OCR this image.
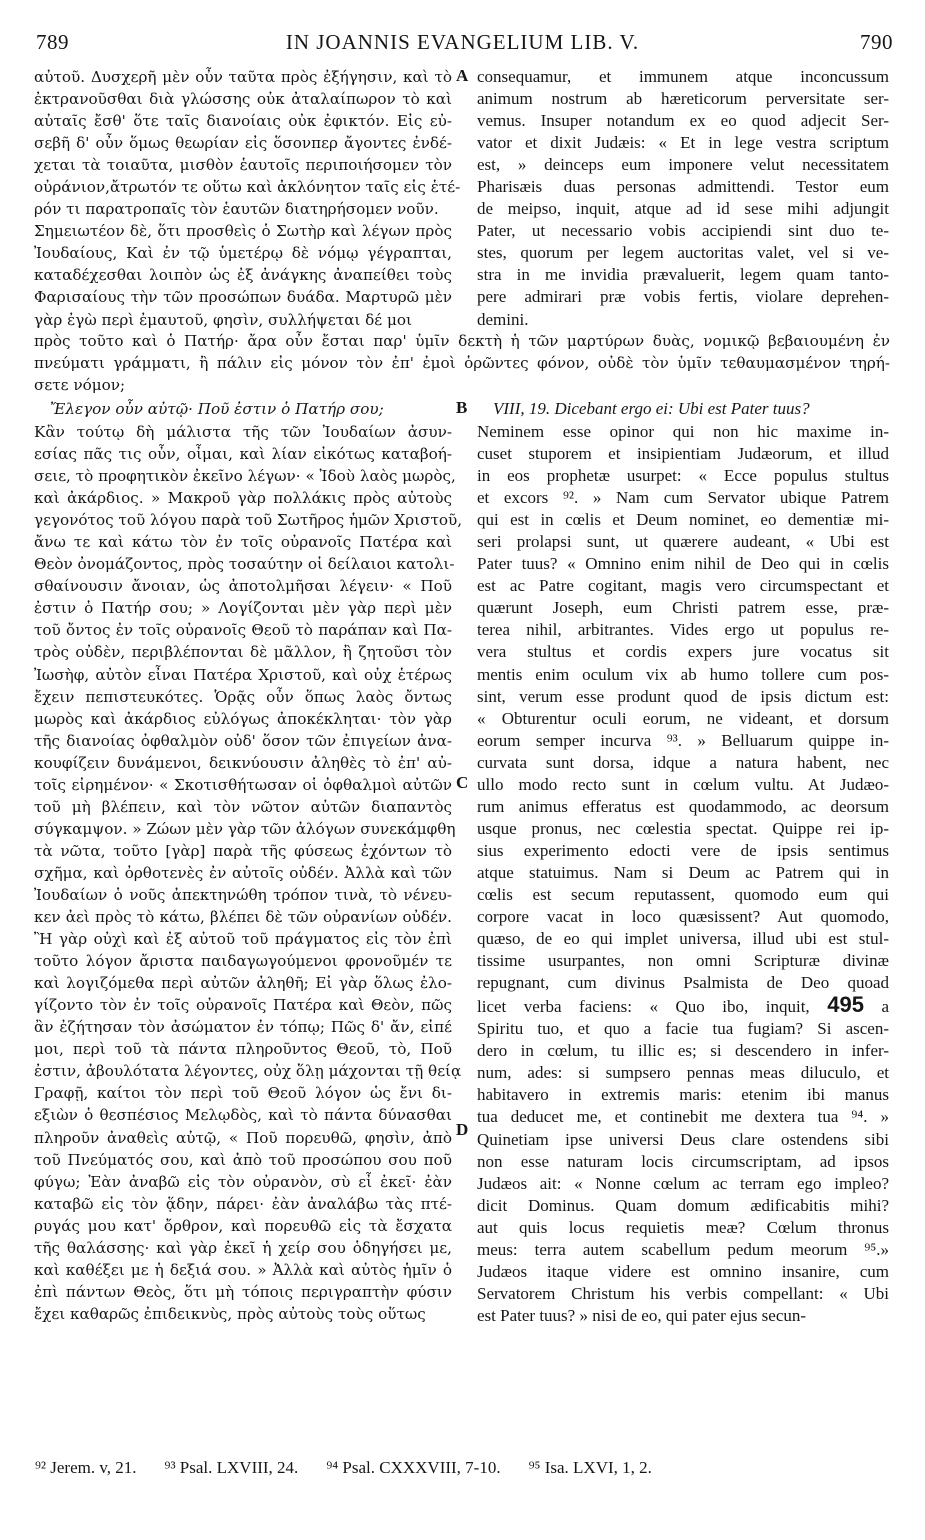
789	IN JOANNIS EVANGELIUM LIB. V.	790
αὐτοῦ. Δυσχερῆ μὲν οὖν ταῦτα πρὸς ἐξήγησιν, καὶ τὸ
ἐκτρανοῦσθαι διὰ γλώσσης οὐκ ἀταλαίπωρον τὸ καὶ
αὐταῖς ἔσθ' ὅτε ταῖς διανοίαις οὐκ ἐφικτόν. Εἰς εὐ-
σεβῆ δ' οὖν ὅμως θεωρίαν εἰς ὅσονπερ ἄγοντες ἐνδέ-
χεται τὰ τοιαῦτα, μισθὸν ἑαυτοῖς περιποιήσομεν τὸν
οὐράνιον,ἄτρωτόν τε οὕτω καὶ ἀκλόνητον ταῖς εἰς ἑτέ-
ρόν τι παρατροπαῖς τὸν ἑαυτῶν διατηρήσομεν νοῦν.
Σημειωτέον δὲ, ὅτι προσθεὶς ὁ Σωτὴρ καὶ λέγων πρὸς
Ἰουδαίους, Καὶ ἐν τῷ ὑμετέρῳ δὲ νόμῳ γέγραπται,
καταδέχεσθαι λοιπὸν ὡς ἐξ ἀνάγκης ἀναπείθει τοὺς
Φαρισαίους τὴν τῶν προσώπων δυάδα. Μαρτυρῶ μὲν
γὰρ ἐγὼ περὶ ἐμαυτοῦ, φησὶν, συλλήψεται δέ μοι
A consequamur, et immunem atque inconcussum
animum nostrum ab hæreticorum perversitate ser-
vemus. Insuper notandum ex eo quod adjecit Ser-
vator et dixit Judæis: « Et in lege vestra scriptum
est, » deinceps eum imponere velut necessitatem
Pharisæis duas personas admittendi. Testor eum
de meipso, inquit, atque ad id sese mihi adjungit
Pater, ut necessario vobis accipiendi sint duo te-
stes, quorum per legem auctoritas valet, vel si ve-
stra in me invidia prævaluerit, legem quam tanto-
pere admirari præ vobis fertis, violare deprehen-
demini.
πρὸς τοῦτο καὶ ὁ Πατήρ· ἄρα οὖν ἔσται παρ' ὑμῖν δεκτὴ ἡ τῶν μαρτύρων δυὰς, νομικῷ βεβαιουμένη ἐν
πνεύματι γράμματι, ἢ πάλιν εἰς μόνον τὸν ἐπ' ἐμοὶ ὁρῶντες φόνον, οὐδὲ τὸν ὑμῖν τεθαυμασμένον τηρή-
σετε νόμον;
Ἔλεγον οὖν αὐτῷ· Ποῦ ἐστιν ὁ Πατήρ σου;	B VIII, 19. Dicebant ergo ei: Ubi est Pater tuus?
Κἂν τούτῳ δὴ μάλιστα τῆς τῶν Ἰουδαίων ἀσυν-
εσίας πᾶς τις οὖν, οἶμαι, καὶ λίαν εἰκότως καταβοή-
σειε, τὸ προφητικὸν ἐκεῖνο λέγων· « Ἰδοὺ λαὸς μωρὸς,
καὶ ἀκάρδιος. » Μακροῦ γὰρ πολλάκις πρὸς αὐτοὺς
γεγονότος τοῦ λόγου παρὰ τοῦ Σωτῆρος ἡμῶν Χριστοῦ,
ἄνω τε καὶ κάτω τὸν ἐν τοῖς οὐρανοῖς Πατέρα καὶ
Θεὸν ὀνομάζοντος, πρὸς τοσαύτην οἱ δείλαιοι κατολι-
σθαίνουσιν ἄνοιαν, ὡς ἀποτολμῆσαι λέγειν· « Ποῦ
ἐστιν ὁ Πατήρ σου; » Λογίζονται μὲν γὰρ περὶ μὲν
τοῦ ὄντος ἐν τοῖς οὐρανοῖς Θεοῦ τὸ παράπαν καὶ Πα-
τρὸς οὐδὲν, περιβλέπονται δὲ μᾶλλον, ἢ ζητοῦσι τὸν
Ἰωσὴφ, αὐτὸν εἶναι Πατέρα Χριστοῦ, καὶ οὐχ ἑτέρως
ἔχειν πεπιστευκότες. Ὁρᾷς οὖν ὅπως λαὸς ὄντως
μωρὸς καὶ ἀκάρδιος εὐλόγως ἀποκέκληται· τὸν γὰρ
τῆς διανοίας ὀφθαλμὸν οὐδ' ὅσον τῶν ἐπιγείων ἀνα-
κουφίζειν δυνάμενοι, δεικνύουσιν ἀληθὲς τὸ ἐπ' αὐ-
τοῖς εἰρημένον· « Σκοτισθήτωσαν οἱ ὀφθαλμοὶ αὐτῶν
τοῦ μὴ βλέπειν, καὶ τὸν νῶτον αὐτῶν διαπαντὸς
σύγκαμψον. » Ζώων μὲν γὰρ τῶν ἀλόγων συνεκάμφθη
τὰ νῶτα, τοῦτο [γὰρ] παρὰ τῆς φύσεως ἐχόντων τὸ
σχῆμα, καὶ ὀρθοτενὲς ἐν αὐτοῖς οὐδέν. Ἀλλὰ καὶ τῶν
Ἰουδαίων ὁ νοῦς ἀπεκτηνώθη τρόπον τινὰ, τὸ νένευ-
κεν ἀεὶ πρὸς τὸ κάτω, βλέπει δὲ τῶν οὐρανίων οὐδέν.
Ἢ γὰρ οὐχὶ καὶ ἐξ αὐτοῦ τοῦ πράγματος εἰς τὸν ἐπὶ
τοῦτο λόγον ἄριστα παιδαγωγούμενοι φρονοῦμέν τε
καὶ λογιζόμεθα περὶ αὐτῶν ἀληθῆ; Εἰ γὰρ ὅλως ἐλο-
γίζοντο τὸν ἐν τοῖς οὐρανοῖς Πατέρα καὶ Θεὸν, πῶς
ἂν ἐζήτησαν τὸν ἀσώματον ἐν τόπῳ; Πῶς δ' ἄν, εἰπέ
μοι, περὶ τοῦ τὰ πάντα πληροῦντος Θεοῦ, τὸ, Ποῦ
ἐστιν, ἀβουλότατα λέγοντες, οὐχ ὅλῃ μάχονται τῇ θείᾳ
Γραφῇ, καίτοι τὸν περὶ τοῦ Θεοῦ λόγον ὡς ἔνι δι-
εξιὼν ὁ θεσπέσιος Μελῳδὸς, καὶ τὸ πάντα δύνασθαι
πληροῦν ἀναθεὶς αὐτῷ, « Ποῦ πορευθῶ, φησὶν, ἀπὸ
τοῦ Πνεύματός σου, καὶ ἀπὸ τοῦ προσώπου σου ποῦ
φύγω; Ἐὰν ἀναβῶ εἰς τὸν οὐρανὸν, σὺ εἶ ἐκεῖ· ἐὰν
καταβῶ εἰς τὸν ᾅδην, πάρει· ἐὰν ἀναλάβω τὰς πτέ-
ρυγάς μου κατ' ὄρθρον, καὶ πορευθῶ εἰς τὰ ἔσχατα
τῆς θαλάσσης· καὶ γὰρ ἐκεῖ ἡ χείρ σου ὁδηγήσει με,
καὶ καθέξει με ἡ δεξιά σου. » Ἀλλὰ καὶ αὐτὸς ἡμῖν ὁ
ἐπὶ πάντων Θεὸς, ὅτι μὴ τόποις περιγραπτὴν φύσιν
ἔχει καθαρῶς ἐπιδεικνὺς, πρὸς αὐτοὺς τοὺς οὕτως
C
D
Neminem esse opinor qui non hic maxime in-
cuset stuporem et insipientiam Judæorum, et illud
in eos prophetæ usurpet: « Ecce populus stultus
et excors ⁹². » Nam cum Servator ubique Patrem
qui est in cœlis et Deum nominet, eo dementiæ mi-
seri prolapsi sunt, ut quærere audeant, « Ubi est
Pater tuus? « Omnino enim nihil de Deo qui in cœlis
est ac Patre cogitant, magis vero circumspectant et
quærunt Joseph, eum Christi patrem esse, præ-
terea nihil, arbitrantes. Vides ergo ut populus re-
vera stultus et cordis expers jure vocatus sit
mentis enim oculum vix ab humo tollere cum pos-
sint, verum esse produnt quod de ipsis dictum est:
« Obturentur oculi eorum, ne videant, et dorsum
eorum semper incurva ⁹³. » Belluarum quippe in-
curvata sunt dorsa, idque a natura habent, nec
ullo modo recto sunt in cœlum vultu. At Judæo-
rum animus efferatus est quodammodo, ac deorsum
usque pronus, nec cœlestia spectat. Quippe rei ip-
sius experimento edocti vere de ipsis sentimus
atque statuimus. Nam si Deum ac Patrem qui in
cœlis est secum reputassent, quomodo eum qui
corpore vacat in loco quæsissent? Aut quomodo,
quæso, de eo qui implet universa, illud ubi est stul-
tissime usurpantes, non omni Scripturæ divinæ
repugnant, cum divinus Psalmista de Deo quoad
licet verba faciens: « Quo ibo, inquit, 495 a
Spiritu tuo, et quo a facie tua fugiam? Si ascen-
dero in cœlum, tu illic es; si descendero in infer-
num, ades: si sumpsero pennas meas diluculo, et
habitavero in extremis maris: etenim ibi manus
tua deducet me, et continebit me dextera tua ⁹⁴. »
Quinetiam ipse universi Deus clare ostendens sibi
non esse naturam locis circumscriptam, ad ipsos
Judæos ait: « Nonne cœlum ac terram ego impleo?
dicit Dominus. Quam domum ædificabitis mihi?
aut quis locus requietis meæ? Cœlum thronus
meus: terra autem scabellum pedum meorum ⁹⁵.»
Judæos itaque videre est omnino insanire, cum
Servatorem Christum his verbis compellant: « Ubi
est Pater tuus? » nisi de eo, qui pater ejus secun-
⁹² Jerem. v, 21. ⁹³ Psal. LXVIII, 24. ⁹⁴ Psal. CXXXVIII, 7-10. ⁹⁵ Isa. LXVI, 1, 2.
